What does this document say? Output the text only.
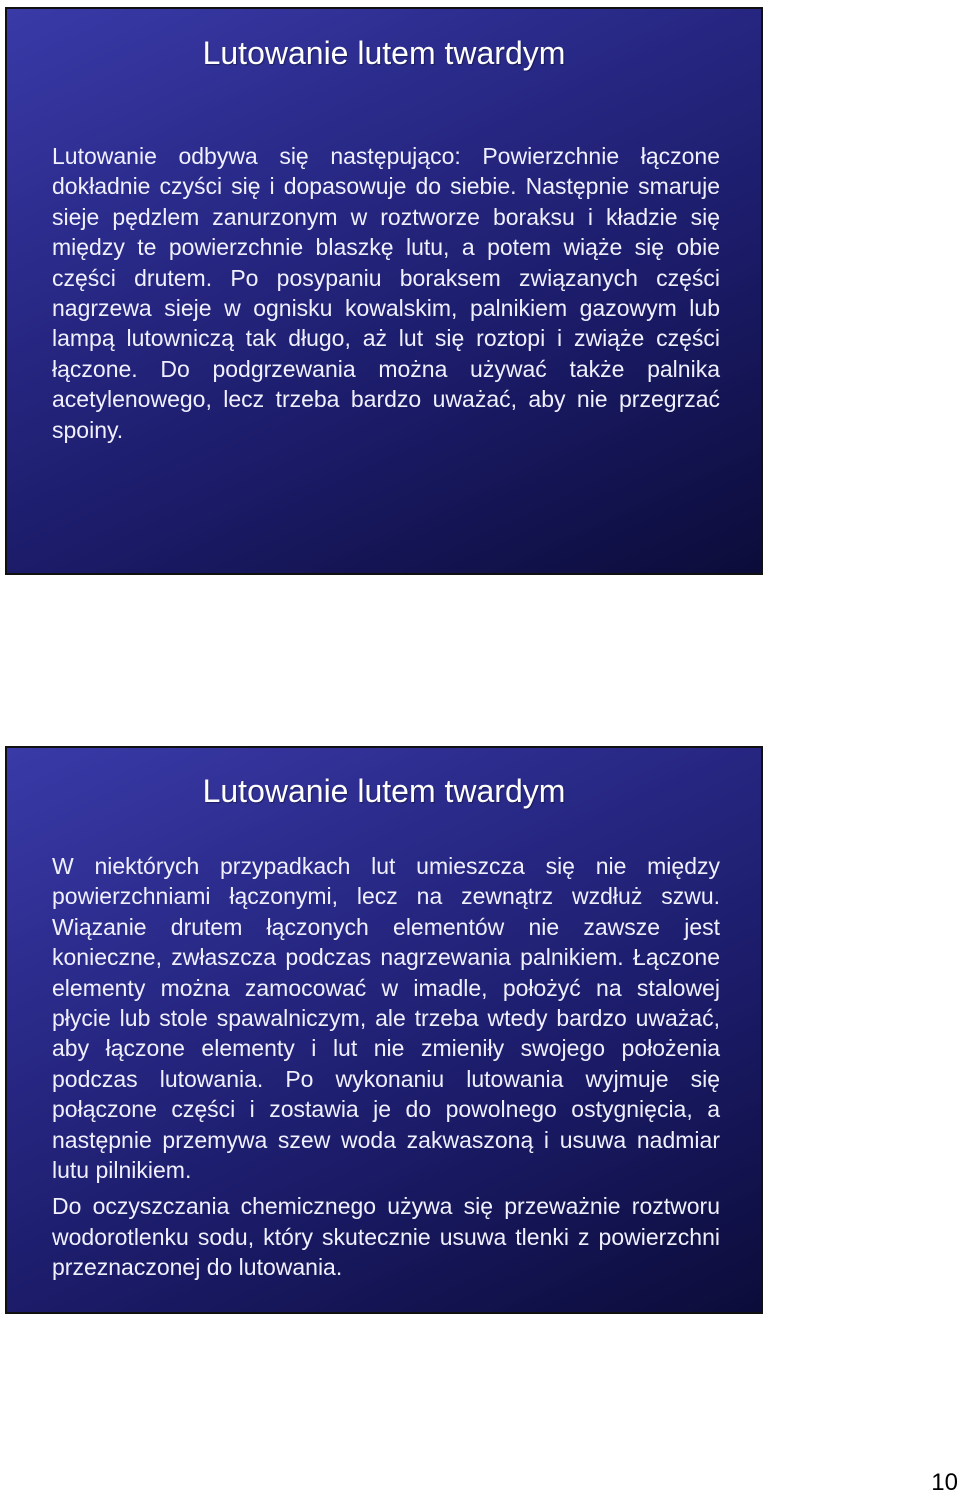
Lutowanie lutem twardym

Lutowanie odbywa się następująco: Powierzchnie łączone dokładnie czyści się i dopasowuje do siebie. Następnie smaruje sieje pędzlem zanurzonym w roztworze boraksu i kładzie się między te powierzchnie blaszkę lutu, a potem wiąże się obie części drutem. Po posypaniu boraksem związanych części nagrzewa sieje w ognisku kowalskim, palnikiem gazowym lub lampą lutowniczą tak długo, aż lut się roztopi i zwiąże części łączone. Do podgrzewania można używać także palnika acetylenowego, lecz trzeba bardzo uważać, aby nie przegrzać spoiny.

Lutowanie lutem twardym

W niektórych przypadkach lut umieszcza się nie między powierzchniami łączonymi, lecz na zewnątrz wzdłuż szwu. Wiązanie drutem łączonych elementów nie zawsze jest konieczne, zwłaszcza podczas nagrzewania palnikiem. Łączone elementy można zamocować w imadle, położyć na stalowej płycie lub stole spawalniczym, ale trzeba wtedy bardzo uważać, aby łączone elementy i lut nie zmieniły swojego położenia podczas lutowania. Po wykonaniu lutowania wyjmuje się połączone części i zostawia je do powolnego ostygnięcia, a następnie przemywa szew woda zakwaszoną i usuwa nadmiar lutu pilnikiem.

Do oczyszczania chemicznego używa się przeważnie roztworu wodorotlenku sodu, który skutecznie usuwa tlenki z powierzchni przeznaczonej do lutowania.

10
